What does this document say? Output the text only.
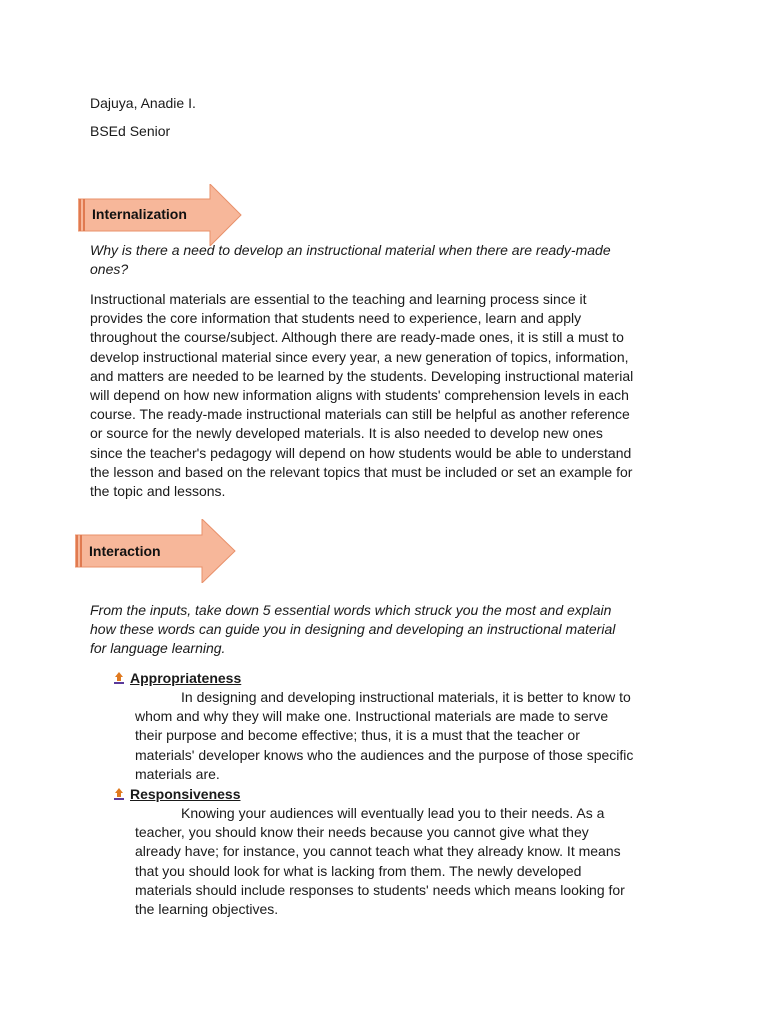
Dajuya, Anadie I.
BSEd Senior
Internalization
Why is there a need to develop an instructional material when there are ready-made
ones?
Instructional materials are essential to the teaching and learning process since it
provides the core information that students need to experience, learn and apply
throughout the course/subject. Although there are ready-made ones, it is still a must to
develop instructional material since every year, a new generation of topics, information,
and matters are needed to be learned by the students. Developing instructional material
will depend on how new information aligns with students' comprehension levels in each
course. The ready-made instructional materials can still be helpful as another reference
or source for the newly developed materials. It is also needed to develop new ones
since the teacher's pedagogy will depend on how students would be able to understand
the lesson and based on the relevant topics that must be included or set an example for
the topic and lessons.
Interaction
From the inputs, take down 5 essential words which struck you the most and explain
how these words can guide you in designing and developing an instructional material
for language learning.
Appropriateness
In designing and developing instructional materials, it is better to know to
whom and why they will make one. Instructional materials are made to serve
their purpose and become effective; thus, it is a must that the teacher or
materials' developer knows who the audiences and the purpose of those specific
materials are.
Responsiveness
Knowing your audiences will eventually lead you to their needs. As a
teacher, you should know their needs because you cannot give what they
already have; for instance, you cannot teach what they already know. It means
that you should look for what is lacking from them. The newly developed
materials should include responses to students' needs which means looking for
the learning objectives.
